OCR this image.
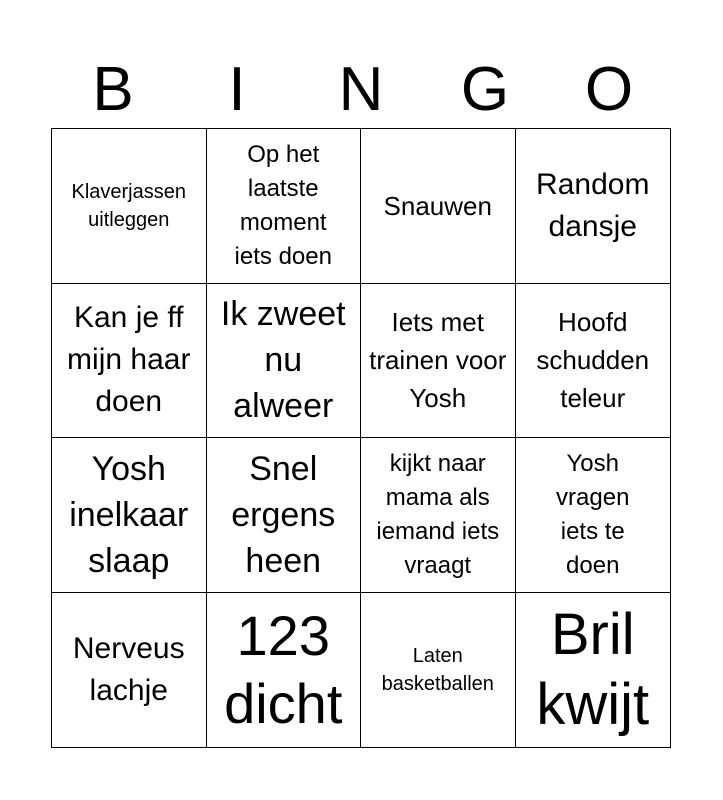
B	I	N	G	O
Klaverjassen uitleggen
Op het laatste moment iets doen
Snauwen
Random dansje
Kan je ff mijn haar doen
Ik zweet nu alweer
Iets met trainen voor Yosh
Hoofd schudden teleur
Yosh inelkaar slaap
Snel ergens heen
kijkt naar mama als iemand iets vraagt
Yosh vragen iets te doen
Nerveus lachje
123 dicht
Laten basketballen
Bril kwijt
